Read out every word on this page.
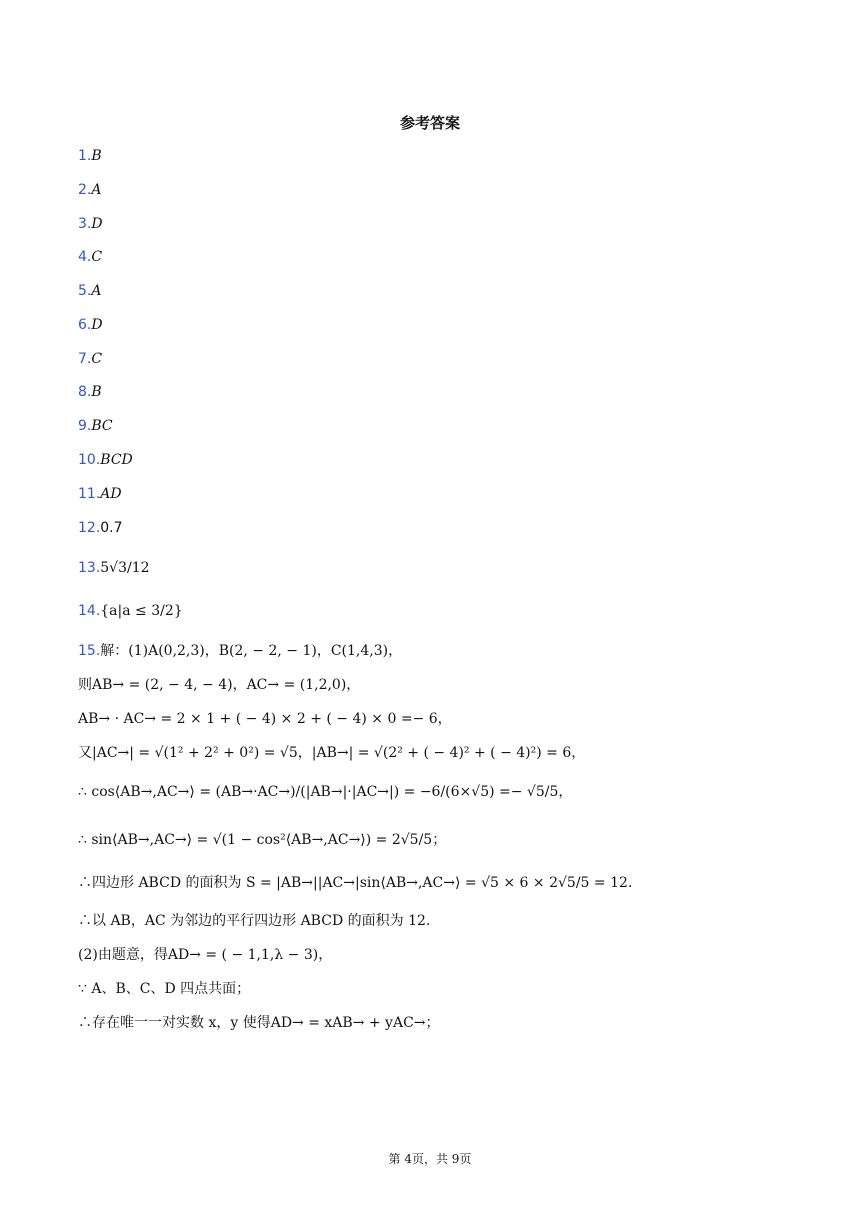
参考答案
1.B
2.A
3.D
4.C
5.A
6.D
7.C
8.B
9.BC
10.BCD
11.AD
12.0.7
13.5√3/12
14.{a|a ≤ 3/2}
15.解：(1)A(0,2,3)，B(2, − 2, − 1)，C(1,4,3)，
则AB→ = (2, − 4, − 4)，AC→ = (1,2,0)，
AB→ · AC→ = 2 × 1 + ( − 4) × 2 + ( − 4) × 0 =− 6，
又|AC→| = √(1² + 2² + 0²) = √5，|AB→| = √(2² + ( − 4)² + ( − 4)²) = 6，
∴ cos⟨AB→,AC→⟩ = (AB→·AC→)/(|AB→|·|AC→|) = −6/(6×√5) =− √5/5，
∴ sin⟨AB→,AC→⟩ = √(1 − cos²⟨AB→,AC→⟩) = 2√5/5；
∴四边形 ABCD 的面积为 S = |AB→||AC→|sin⟨AB→,AC→⟩ = √5 × 6 × 2√5/5 = 12.
∴以 AB，AC 为邻边的平行四边形 ABCD 的面积为 12.
(2)由题意，得AD→ = ( − 1,1,λ − 3)，
∵ A、B、C、D 四点共面；
∴存在唯一一对实数 x，y 使得AD→ = xAB→ + yAC→；
第 4页，共 9页
